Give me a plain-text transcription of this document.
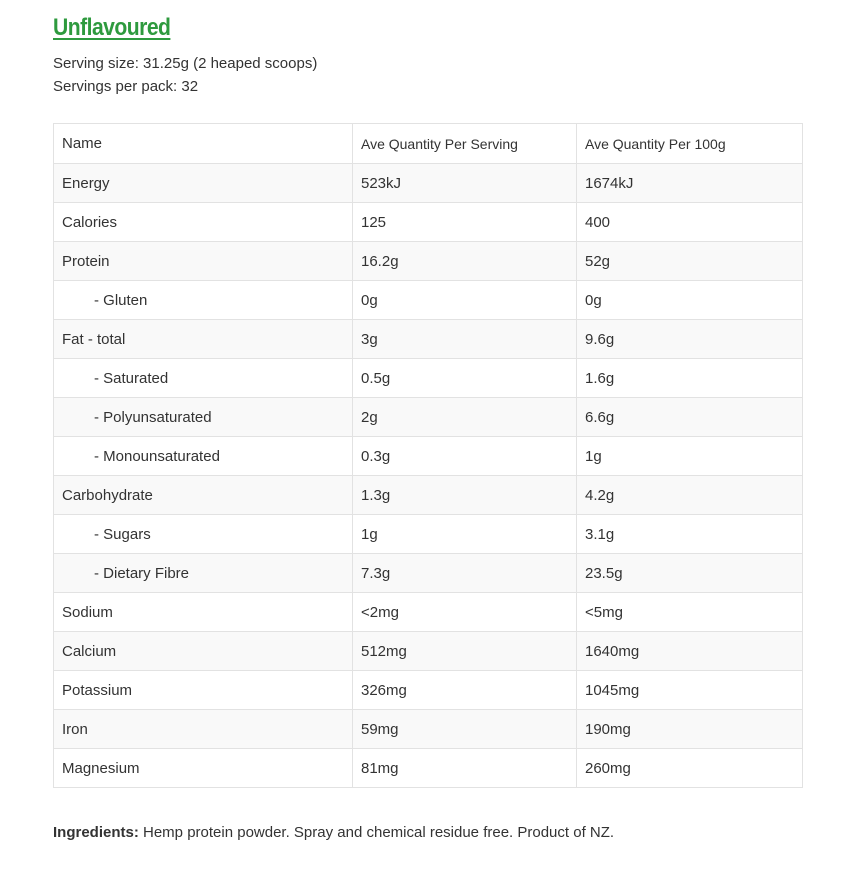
Unflavoured
Serving size: 31.25g (2 heaped scoops)
Servings per pack: 32
Name	Ave Quantity Per Serving	Ave Quantity Per 100g
Energy	523kJ	1674kJ
Calories	125	400
Protein	16.2g	52g
- Gluten	0g	0g
Fat - total	3g	9.6g
- Saturated	0.5g	1.6g
- Polyunsaturated	2g	6.6g
- Monounsaturated	0.3g	1g
Carbohydrate	1.3g	4.2g
- Sugars	1g	3.1g
- Dietary Fibre	7.3g	23.5g
Sodium	<2mg	<5mg
Calcium	512mg	1640mg
Potassium	326mg	1045mg
Iron	59mg	190mg
Magnesium	81mg	260mg
Ingredients: Hemp protein powder. Spray and chemical residue free. Product of NZ.
